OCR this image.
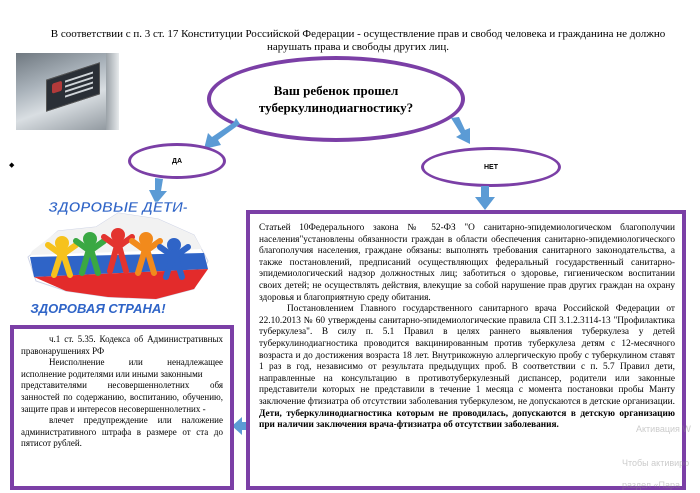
В соответствии с п. 3 ст. 17 Конституции Российской Федерации - осуществление прав и свобод человека и гражданина не должно нарушать права и свободы других лиц.
Ваш ребенок прошел туберкулинодиагностику?
ДА
НЕТ
◆
ЗДОРОВЫЕ ДЕТИ-
ЗДОРОВАЯ СТРАНА!

ч.1 ст. 5.35. Кодекса об Административных правонарушениях РФ

Неисполнение или ненадлежащее исполнение родителями или иными законными

представителями несовершеннолетних обя занностей по содержанию, воспитанию, обучению, защите прав и интересов несовершеннолетних -

влечет предупреждение или наложение административного штрафа в размере от ста до пятисот рублей.

Статьей 10Федерального закона № 52-ФЗ "О санитарно-эпидемиологическом благополучии населения"установлены обязанности граждан в области обеспечения санитарно-эпидемиологического благополучия населения, граждане обязаны: выполнять требования санитарного законодательства, а также постановлений, предписаний осуществляющих федеральный государственный санитарно-эпидемиологический надзор должностных лиц; заботиться о здоровье, гигиеническом воспитании своих детей; не осуществлять действия, влекущие за собой нарушение прав других граждан на охрану здоровья и благоприятную среду обитания.

Постановлением Главного государственного санитарного врача Российской Федерации от 22.10.2013 № 60 утверждены санитарно-эпидемиологические правила СП 3.1.2.3114-13 "Профилактика туберкулеза". В силу п. 5.1 Правил в целях раннего выявления туберкулеза у детей туберкулинодиагностика проводится вакцинированным против туберкулеза детям с 12-месячного возраста и до достижения возраста 18 лет. Внутрикожную аллергическую пробу с туберкулином ставят 1 раз в год, независимо от результата предыдущих проб. В соответствии с п. 5.7 Правил дети, направленные на консультацию в противотуберкулезный диспансер, родители или законные представители которых не представили в течение 1 месяца с момента постановки пробы Манту заключение фтизиатра об отсутствии заболевания туберкулезом, не допускаются в детские организации. Дети, туберкулинодиагностика которым не проводилась, допускаются в детскую организацию при наличии заключения врача-фтизиатра об отсутствии заболевания.	Активация W
Чтобы активиро
раздел «Пара
